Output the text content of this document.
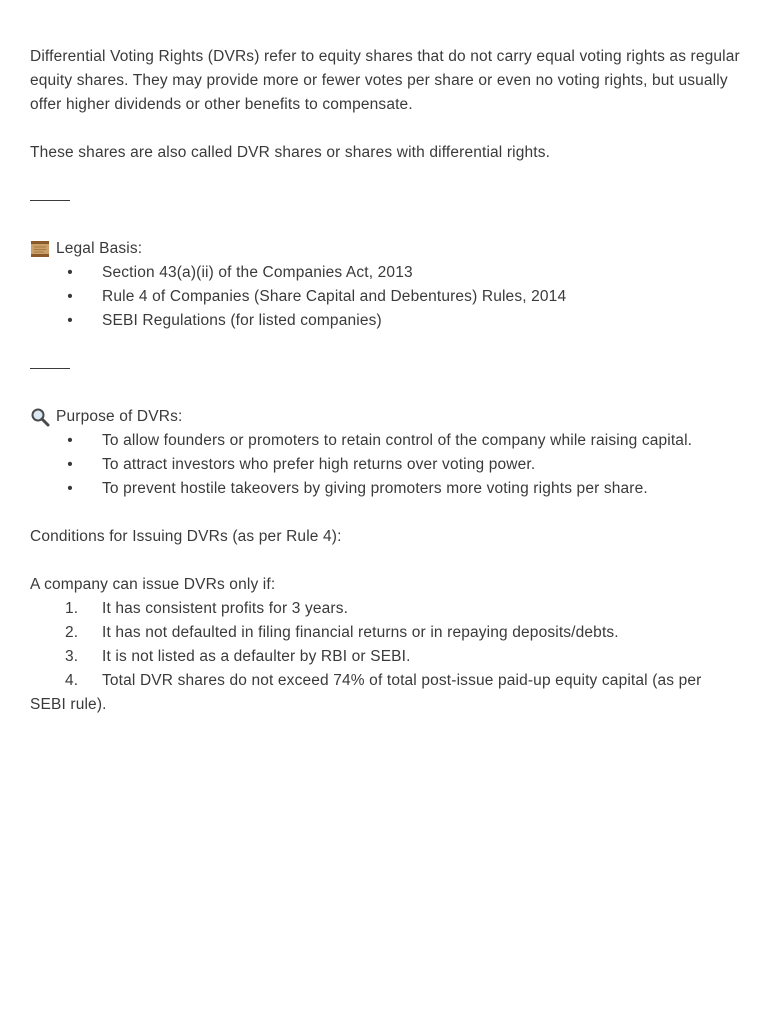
Differential Voting Rights (DVRs) refer to equity shares that do not carry equal voting rights as regular equity shares. They may provide more or fewer votes per share or even no voting rights, but usually offer higher dividends or other benefits to compensate.

These shares are also called DVR shares or shares with differential rights.

Legal Basis:
• Section 43(a)(ii) of the Companies Act, 2013
• Rule 4 of Companies (Share Capital and Debentures) Rules, 2014
• SEBI Regulations (for listed companies)
Purpose of DVRs:
• To allow founders or promoters to retain control of the company while raising capital.
• To attract investors who prefer high returns over voting power.
• To prevent hostile takeovers by giving promoters more voting rights per share.

Conditions for Issuing DVRs (as per Rule 4):

A company can issue DVRs only if:

1. It has consistent profits for 3 years.
2. It has not defaulted in filing financial returns or in repaying deposits/debts.
3. It is not listed as a defaulter by RBI or SEBI.
4. Total DVR shares do not exceed 74% of total post-issue paid-up equity capital (as per
SEBI rule).
